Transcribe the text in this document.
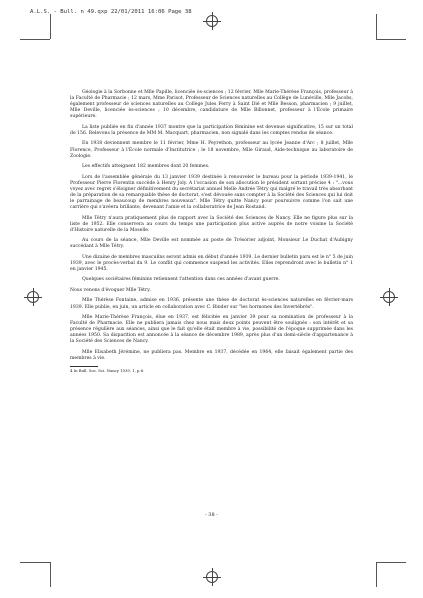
A.L.S. - Bull. n 49.qxp 22/01/2011 16:06 Page 38

Géologie à la Sorbonne et Mlle Papille, licenciée ès-sciences ; 12 février, Mlle Marie-Thérèse François, professeur à la Faculté de Pharmacie ; 12 mars, Mme Parisot, Professeur de Sciences naturelles au Collège de Lunéville, Mlle Jacobs, également professeur de sciences naturelles au Collège Jules Ferry à Saint Dié et Mlle Besson, pharmacien ; 9 juillet, Mlle Deville, licenciée ès-sciences ; 10 décembre, candidature de Mlle Billonnet, professeur à l'École primaire supérieure.

La liste publiée en fin d'année 1937 montre que la participation féminine est devenue significative, 15 sur un total de 156. Relevons la présence de MM M. Macquart, pharmacien, non signalé dans les comptes rendus de séance.

En 1938 deviennent membre le 11 février, Mme H. Peyrethon, professeur au lycée Jeanne d'Arc ; 8 juillet, Mlle Florence, Professeur à l'École normale d'Institutrice ; le 18 novembre, Mlle Giraud, Aide-technique au laboratoire de Zoologie.

Les effectifs atteignent 182 membres dont 20 femmes.

Lors de l'assemblée générale du 13 janvier 1939 destinée à renouveler le bureau pour la période 1939-1941, le Professeur Pierre Florentin succède à Henry Joly. A l'occasion de son allocution le président sortant précise 4 : "...vous voyez avec regret s'éloigner définitivement du secrétariat annuel Melle Andrée Tétry qui malgré le travail très absorbant de la préparation de sa remarquable thèse de doctorat, s'est dévouée sans compter à la Société des Sciences qui lui doit le parrainage de beaucoup de membres nouveaux". Mlle Tétry quitte Nancy pour poursuivre comme l'on sait une carrière qui s'avéera brillante, devenant l'amie et la collaboratrice de Jean Rostand.

Mlle Tétry n'aura pratiquement plus de rapport avec la Société des Sciences de Nancy. Elle ne figure plus sur la liste de 1952. Elle conservera au cours du temps une participation plus active auprès de notre voisine la Société d'Histoire naturelle de la Moselle.

Au cours de la séance, Mlle Deville est nommée au poste de Trésorier adjoint, Monsieur Le Duchat d'Aubigny succédant à Mlle Tétry.

Une dizaine de membres masculins seront admis en début d'année 1939. Le dernier bulletin paru est le n° 5 de juin 1939, avec le procès-verbal du 9. Le conflit qui commence suspend les activités. Elles reprendront avec le bulletin n° 1 en janvier 1945.

Quelques sociétaires féminins retiennent l'attention dans ces années d'avant guerre.

Nous venons d'évoquer Mlle Tétry.

Mlle Thérèse Fontaine, admise en 1936, présente une thèse de doctorat ès-sciences naturelles en février-mars 1939. Elle publie, en juin, un article en collaboration avec C. Binder sur "les hormones des Invertébrés".

Mlle Marie-Thérèse François, élue en 1937, est félicitée en janvier 39 pour sa nomination de professeur à la Faculté de Pharmacie. Elle ne publiera jamais chez nous mais deux points peuvent être soulignés : son intérêt et sa présence régulière aux séances, ainsi que le fait qu'elle était membre à vie, possibilité de l'époque supprimée dans les années 1950. Sa disparition est annoncée à la séance de décembre 1989, après plus d'un demi-siècle d'appartenance à la Société des Sciences de Nancy.

Mlle Elisabeth Jérémine, ne publiera pas. Membre en 1937, décédée en 1964, elle faisait également partie des membres à vie.

4 In Bull. Soc. Sci. Nancy 1939, 1, p.6.
- 38 -
